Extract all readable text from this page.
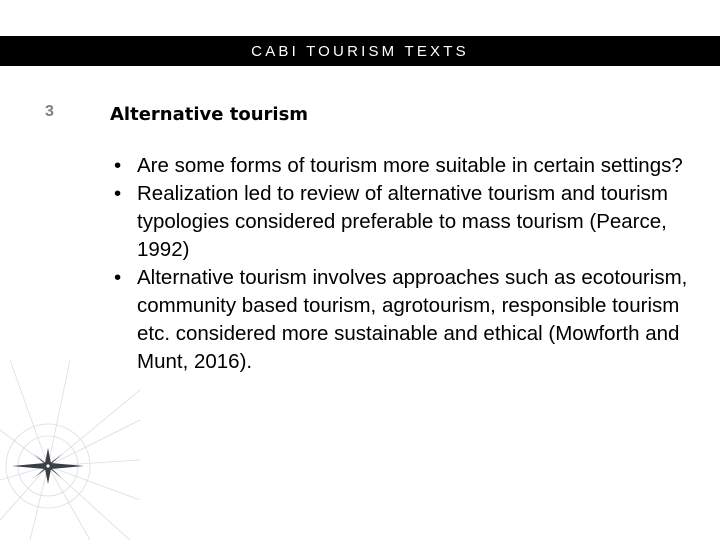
CABI TOURISM TEXTS
3	Alternative tourism
• Are some forms of tourism more suitable in certain settings?
• Realization led to review of alternative tourism and tourism typologies considered preferable to mass tourism (Pearce, 1992)
• Alternative tourism involves approaches such as ecotourism, community based tourism, agrotourism, responsible tourism etc. considered more sustainable and ethical (Mowforth and Munt, 2016).
